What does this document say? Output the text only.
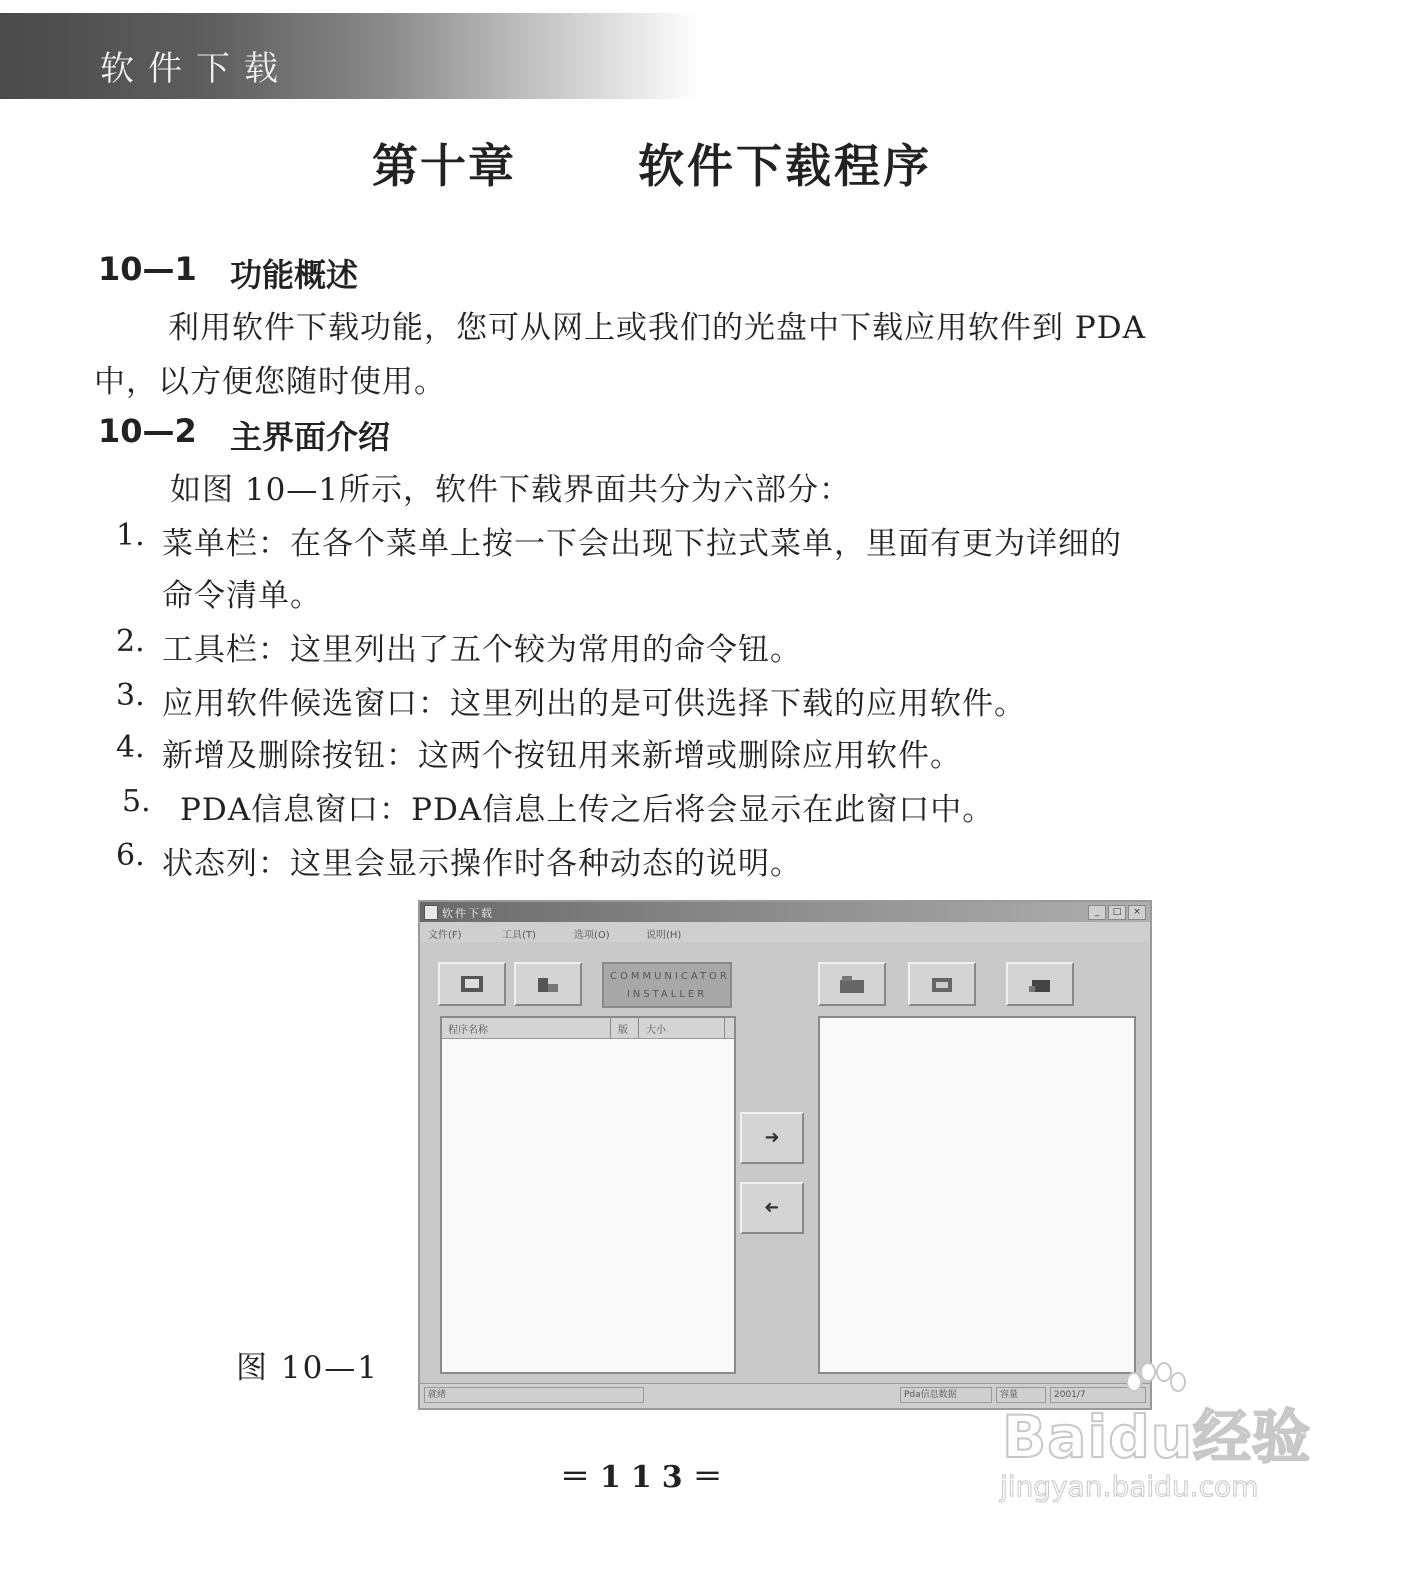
软件下载
第十章	软件下载程序
10—1 功能概述
利用软件下载功能，您可从网上或我们的光盘中下载应用软件到 PDA
中，以方便您随时使用。
10—2 主界面介绍
如图 10—1所示，软件下载界面共分为六部分：
1. 菜单栏：在各个菜单上按一下会出现下拉式菜单，里面有更为详细的
命令清单。
2. 工具栏：这里列出了五个较为常用的命令钮。
3. 应用软件候选窗口：这里列出的是可供选择下载的应用软件。
4. 新增及删除按钮：这两个按钮用来新增或删除应用软件。
5. PDA信息窗口：PDA信息上传之后将会显示在此窗口中。
6. 状态列：这里会显示操作时各种动态的说明。
软件下载	_	□	×
文件(F)	工具(T)	选项(O)	说明(H)
COMMUNICATOR
INSTALLER
程序名称	版 大小
➜
➜
就绪	Pda信息数据	容量	2001/7
图 10—1
＝113＝
Baidu经验
jingyan.baidu.com
